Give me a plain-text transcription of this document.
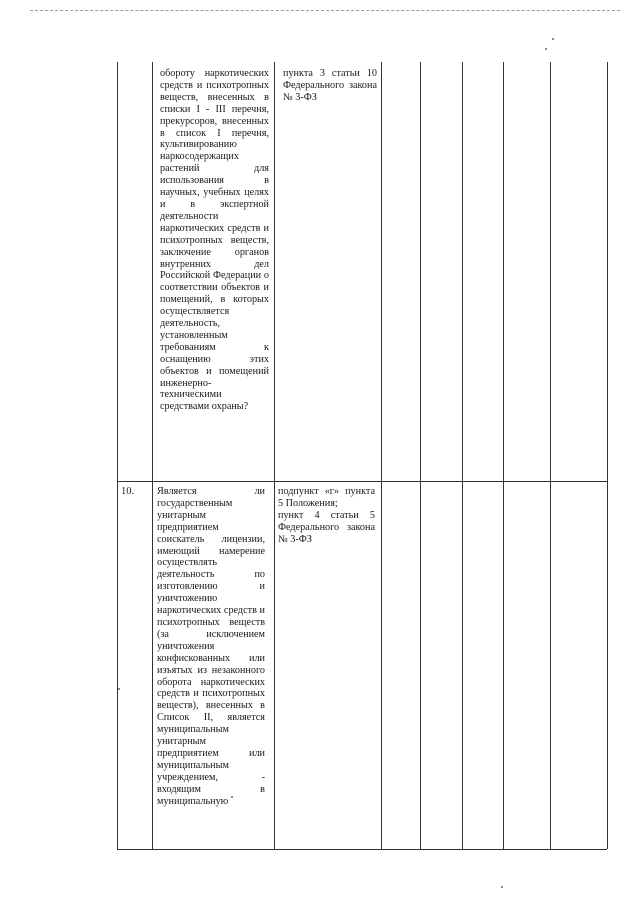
обороту наркотических средств и психотропных веществ, внесенных в списки I - III перечня, прекурсоров, внесенных в список I перечня, культивированию наркосодержащих растений для использования в научных, учебных целях и в экспертной деятельности наркотических средств и психотропных веществ, заключение органов внутренних дел Российской Федерации о соответствии объектов и помещений, в которых осуществляется деятельность, установленным требованиям к оснащению этих объектов и помещений инженерно-техническими средствами охраны?
пункта 3 статьи 10 Федерального закона № 3-ФЗ
10. Является ли государственным унитарным предприятием соискатель лицензии, имеющий намерение осуществлять деятельность по изготовлению и уничтожению наркотических средств и психотропных веществ (за исключением уничтожения конфискованных или изъятых из незаконного оборота наркотических средств и психотропных веществ), внесенных в Список II, является муниципальным унитарным предприятием или муниципальным учреждением, - входящим в муниципальную
подпункт «г» пункта 5 Положения;
пункт 4 статьи 5 Федерального закона № 3-ФЗ
